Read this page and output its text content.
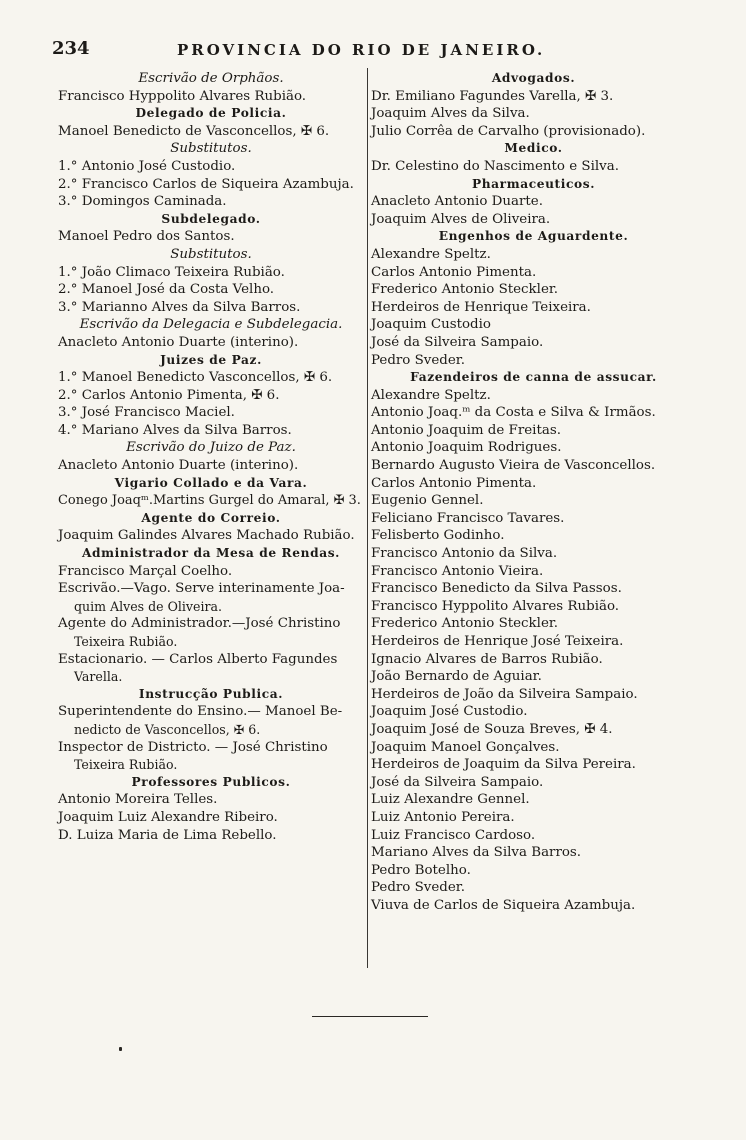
234	PROVINCIA DO RIO DE JANEIRO.
Escrivão de Orphãos.
Francisco Hyppolito Alvares Rubião.
Delegado de Policia.
Manoel Benedicto de Vasconcellos, ✠ 6.
Substitutos.
1.° Antonio José Custodio.
2.° Francisco Carlos de Siqueira Azambuja.
3.° Domingos Caminada.
Subdelegado.
Manoel Pedro dos Santos.
Substitutos.
1.° João Climaco Teixeira Rubião.
2.° Manoel José da Costa Velho.
3.° Marianno Alves da Silva Barros.
Escrivão da Delegacia e Subdelegacia.
Anacleto Antonio Duarte (interino).
Juizes de Paz.
1.° Manoel Benedicto Vasconcellos, ✠ 6.
2.° Carlos Antonio Pimenta, ✠ 6.
3.° José Francisco Maciel.
4.° Mariano Alves da Silva Barros.
Escrivão do Juizo de Paz.
Anacleto Antonio Duarte (interino).
Vigario Collado e da Vara.
Conego Joaqᵐ.Martins Gurgel do Amaral, ✠ 3.
Agente do Correio.
Joaquim Galindes Alvares Machado Rubião.
Administrador da Mesa de Rendas.
Francisco Marçal Coelho.
Escrivão.—Vago. Serve interinamente Joa-
quim Alves de Oliveira.
Agente do Administrador.—José Christino
Teixeira Rubião.
Estacionario. — Carlos Alberto Fagundes
Varella.
Instrucção Publica.
Superintendente do Ensino.— Manoel Be-
nedicto de Vasconcellos, ✠ 6.
Inspector de Districto. — José Christino
Teixeira Rubião.
Professores Publicos.
Antonio Moreira Telles.
Joaquim Luiz Alexandre Ribeiro.
D. Luiza Maria de Lima Rebello.
Advogados.
Dr. Emiliano Fagundes Varella, ✠ 3.
Joaquim Alves da Silva.
Julio Corrêa de Carvalho (provisionado).
Medico.
Dr. Celestino do Nascimento e Silva.
Pharmaceuticos.
Anacleto Antonio Duarte.
Joaquim Alves de Oliveira.
Engenhos de Aguardente.
Alexandre Speltz.
Carlos Antonio Pimenta.
Frederico Antonio Steckler.
Herdeiros de Henrique Teixeira.
Joaquim Custodio
José da Silveira Sampaio.
Pedro Sveder.
Fazendeiros de canna de assucar.
Alexandre Speltz.
Antonio Joaq.ᵐ da Costa e Silva & Irmãos.
Antonio Joaquim de Freitas.
Antonio Joaquim Rodrigues.
Bernardo Augusto Vieira de Vasconcellos.
Carlos Antonio Pimenta.
Eugenio Gennel.
Feliciano Francisco Tavares.
Felisberto Godinho.
Francisco Antonio da Silva.
Francisco Antonio Vieira.
Francisco Benedicto da Silva Passos.
Francisco Hyppolito Alvares Rubião.
Frederico Antonio Steckler.
Herdeiros de Henrique José Teixeira.
Ignacio Alvares de Barros Rubião.
João Bernardo de Aguiar.
Herdeiros de João da Silveira Sampaio.
Joaquim José Custodio.
Joaquim José de Souza Breves, ✠ 4.
Joaquim Manoel Gonçalves.
Herdeiros de Joaquim da Silva Pereira.
José da Silveira Sampaio.
Luiz Alexandre Gennel.
Luiz Antonio Pereira.
Luiz Francisco Cardoso.
Mariano Alves da Silva Barros.
Pedro Botelho.
Pedro Sveder.
Viuva de Carlos de Siqueira Azambuja.
